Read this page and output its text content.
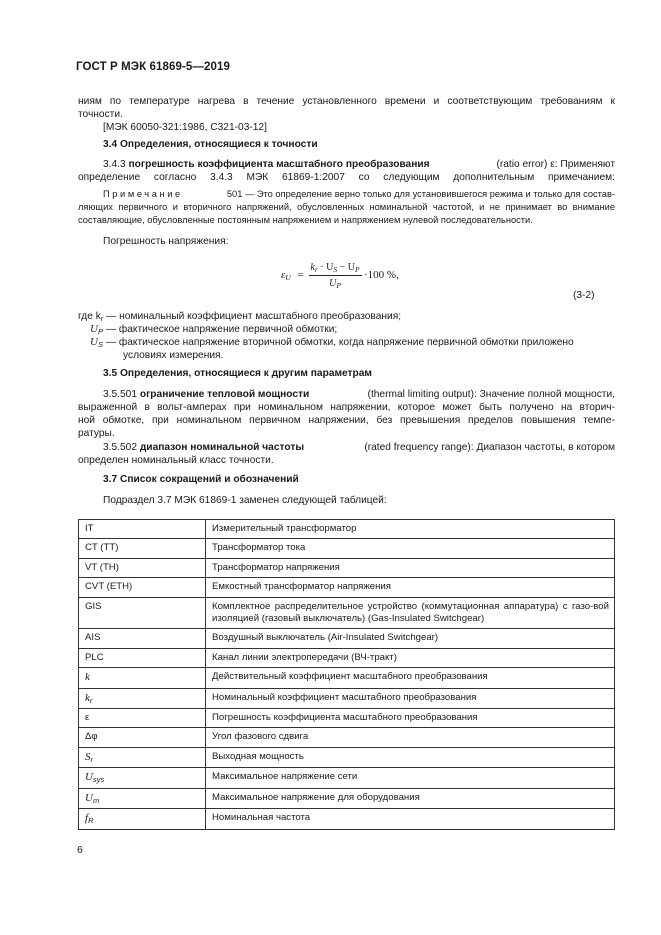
ГОСТ Р МЭК 61869-5—2019
ниям по температуре нагрева в течение установленного времени и соответствующим требованиям к
точности.
[МЭК 60050-321:1986, C321-03-12]
3.4 Определения, относящиеся к точности
3.4.3 погрешность коэффициента масштабного преобразования	(ratio error) ε: Применяют
определение согласно 3.4.3 МЭК 61869-1:2007 со следующим дополнительным примечанием:
Примечание	501 — Это определение верно только для установившегося режима и только для состав-
ляющих первичного и вторичного напряжений, обусловленных номинальной частотой, и не принимает во внимание
составляющие, обусловленные постоянным напряжением и напряжением нулевой последовательности.
Погрешность напряжения:
$\varepsilon_U$ =
$k_r \cdot U_S - U_P$
$U_P$
·100 %,
(3-2)
где $k_r$ — номинальный коэффициент масштабного преобразования;
$U_P$ — фактическое напряжение первичной обмотки;
$U_S$ — фактическое напряжение вторичной обмотки, когда напряжение первичной обмотки приложено
условиях измерения.
3.5 Определения, относящиеся к другим параметрам
3.5.501 ограничение тепловой мощности	(thermal limiting output): Значение полной мощности,
выраженной в вольт-амперах при номинальном напряжении, которое может быть получено на вторич-
ной обмотке, при номинальном первичном напряжении, без превышения пределов повышения темпе-
ратуры.
3.5.502 диапазон номинальной частоты	(rated frequency range): Диапазон частоты, в котором
определен номинальный класс точности.
3.7 Список сокращений и обозначений
Подраздел 3.7 МЭК 61869-1 заменен следующей таблицей:
IT	Измерительный трансформатор
CT (TT)	Трансформатор тока
VT (TH)	Трансформатор напряжения
CVT (ETH)	Емкостный трансформатор напряжения
GIS	Комплектное распределительное устройство (коммутационная аппаратура) с газо-вой изоляцией (газовый выключатель) (Gas-Insulated Switchgear)
AIS	Воздушный выключатель (Air-Insulated Switchgear)
PLC	Канал линии электропередачи (ВЧ-тракт)
k	Действительный коэффициент масштабного преобразования
$k_r$	Номинальный коэффициент масштабного преобразования
ε	Погрешность коэффициента масштабного преобразования
Δφ	Угол фазового сдвига
$S_r$	Выходная мощность
$U_{sys}$	Максимальное напряжение сети
$U_m$	Максимальное напряжение для оборудования
$f_R$	Номинальная частота
6
